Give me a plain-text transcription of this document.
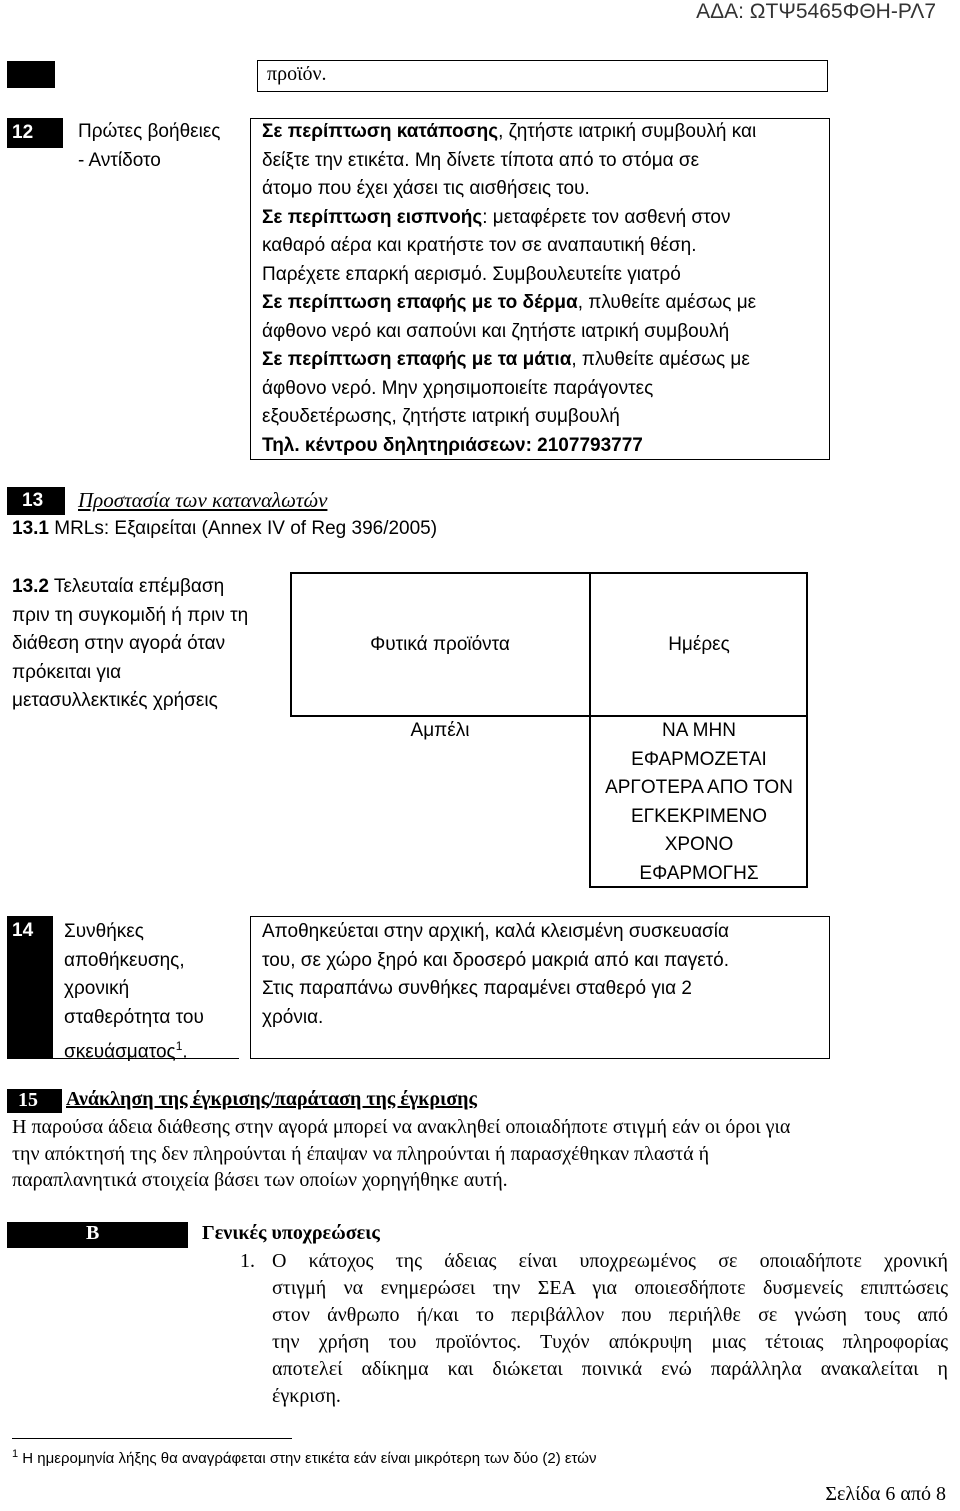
ΑΔΑ: ΩΤΨ5465ΦΘΗ-ΡΛ7
προϊόν.
12 Πρώτες βοήθειες
- Αντίδοτο
Σε περίπτωση κατάποσης, ζητήστε ιατρική συμβουλή και
δείξτε την ετικέτα. Μη δίνετε τίποτα από το στόμα σε
άτομο που έχει χάσει τις αισθήσεις του.
Σε περίπτωση εισπνοής: μεταφέρετε τον ασθενή στον
καθαρό αέρα και κρατήστε τον σε αναπαυτική θέση.
Παρέχετε επαρκή αερισμό. Συμβουλευτείτε γιατρό
Σε περίπτωση επαφής με το δέρμα, πλυθείτε αμέσως με
άφθονο νερό και σαπούνι και ζητήστε ιατρική συμβουλή
Σε περίπτωση επαφής με τα μάτια, πλυθείτε αμέσως με
άφθονο νερό. Μην χρησιμοποιείτε παράγοντες
εξουδετέρωσης, ζητήστε ιατρική συμβουλή
Τηλ. κέντρου δηλητηριάσεων: 2107793777
13 Προστασία των καταναλωτών
13.1 MRLs: Εξαιρείται (Annex IV of Reg 396/2005)
13.2 Τελευταία επέμβαση
πριν τη συγκομιδή ή πριν τη
διάθεση στην αγορά όταν
πρόκειται για
μετασυλλεκτικές χρήσεις
Φυτικά προϊόντα	Ημέρες
Αμπέλι	ΝΑ ΜΗΝ
ΕΦΑΡΜΟΖΕΤΑΙ
ΑΡΓΟΤΕΡΑ ΑΠΟ ΤΟΝ
ΕΓΚΕΚΡΙΜΕΝΟ
ΧΡΟΝΟ
ΕΦΑΡΜΟΓΗΣ
14 Συνθήκες
αποθήκευσης,
χρονική
σταθερότητα του
σκευάσματος$^1$.
Αποθηκεύεται στην αρχική, καλά κλεισμένη συσκευασία
του, σε χώρο ξηρό και δροσερό μακριά από και παγετό.
Στις παραπάνω συνθήκες παραμένει σταθερό για 2
χρόνια.
15 Ανάκληση της έγκρισης/παράταση της έγκρισης
Η παρούσα άδεια διάθεσης στην αγορά μπορεί να ανακληθεί οποιαδήποτε στιγμή εάν οι όροι για
την απόκτησή της δεν πληρούνται ή έπαψαν να πληρούνται ή παρασχέθηκαν πλαστά ή
παραπλανητικά στοιχεία βάσει των οποίων χορηγήθηκε αυτή.
Β	Γενικές υποχρεώσεις
1. Ο κάτοχος της άδειας είναι υποχρεωμένος σε οποιαδήποτε χρονική
στιγμή να ενημερώσει την ΣΕΑ για οποιεσδήποτε δυσμενείς επιπτώσεις
στον άνθρωπο ή/και το περιβάλλον που περιήλθε σε γνώση τους από
την χρήση του προϊόντος. Τυχόν απόκρυψη μιας τέτοιας πληροφορίας
αποτελεί αδίκημα και διώκεται ποινικά ενώ παράλληλα ανακαλείται η
έγκριση.
$^1$ Η ημερομηνία λήξης θα αναγράφεται στην ετικέτα εάν είναι μικρότερη των δύο (2) ετών
Σελίδα 6 από 8
